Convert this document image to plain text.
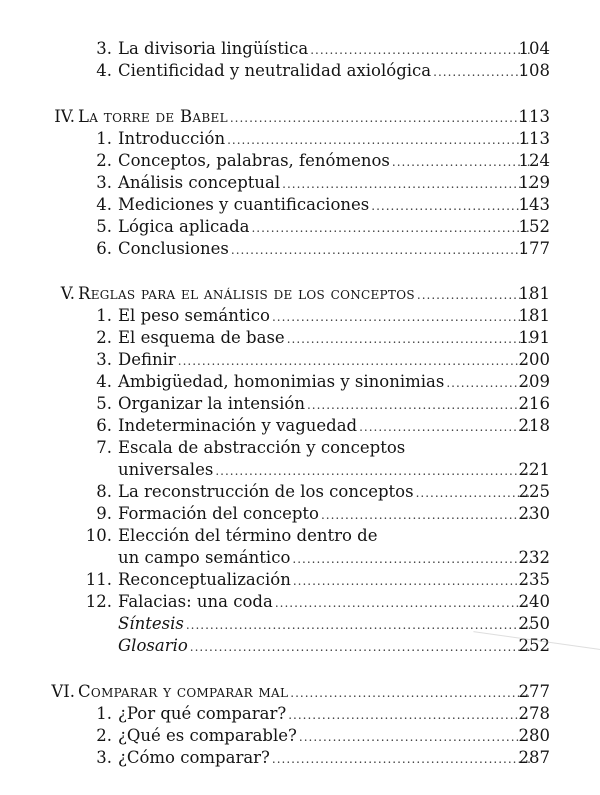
3. La divisoria lingüística .....	104
4. Cientificidad y neutralidad axiológica .....	108
IV. La torre de Babel .....	113
1. Introducción .....	113
2. Conceptos, palabras, fenómenos .....	124
3. Análisis conceptual .....	129
4. Mediciones y cuantificaciones .....	143
5. Lógica aplicada .....	152
6. Conclusiones .....	177
V. Reglas para el análisis de los conceptos .....	181
1. El peso semántico .....	181
2. El esquema de base .....	191
3. Definir .....	200
4. Ambigüedad, homonimias y sinonimias .....	209
5. Organizar la intensión .....	216
6. Indeterminación y vaguedad .....	218
7. Escala de abstracción y conceptos
universales .....	221
8. La reconstrucción de los conceptos .....	225
9. Formación del concepto .....	230
10. Elección del término dentro de
un campo semántico .....	232
11. Reconceptualización .....	235
12. Falacias: una coda .....	240
Síntesis .....	250
Glosario .....	252
VI. Comparar y comparar mal .....	277
1. ¿Por qué comparar? .....	278
2. ¿Qué es comparable? .....	280
3. ¿Cómo comparar? .....	287
